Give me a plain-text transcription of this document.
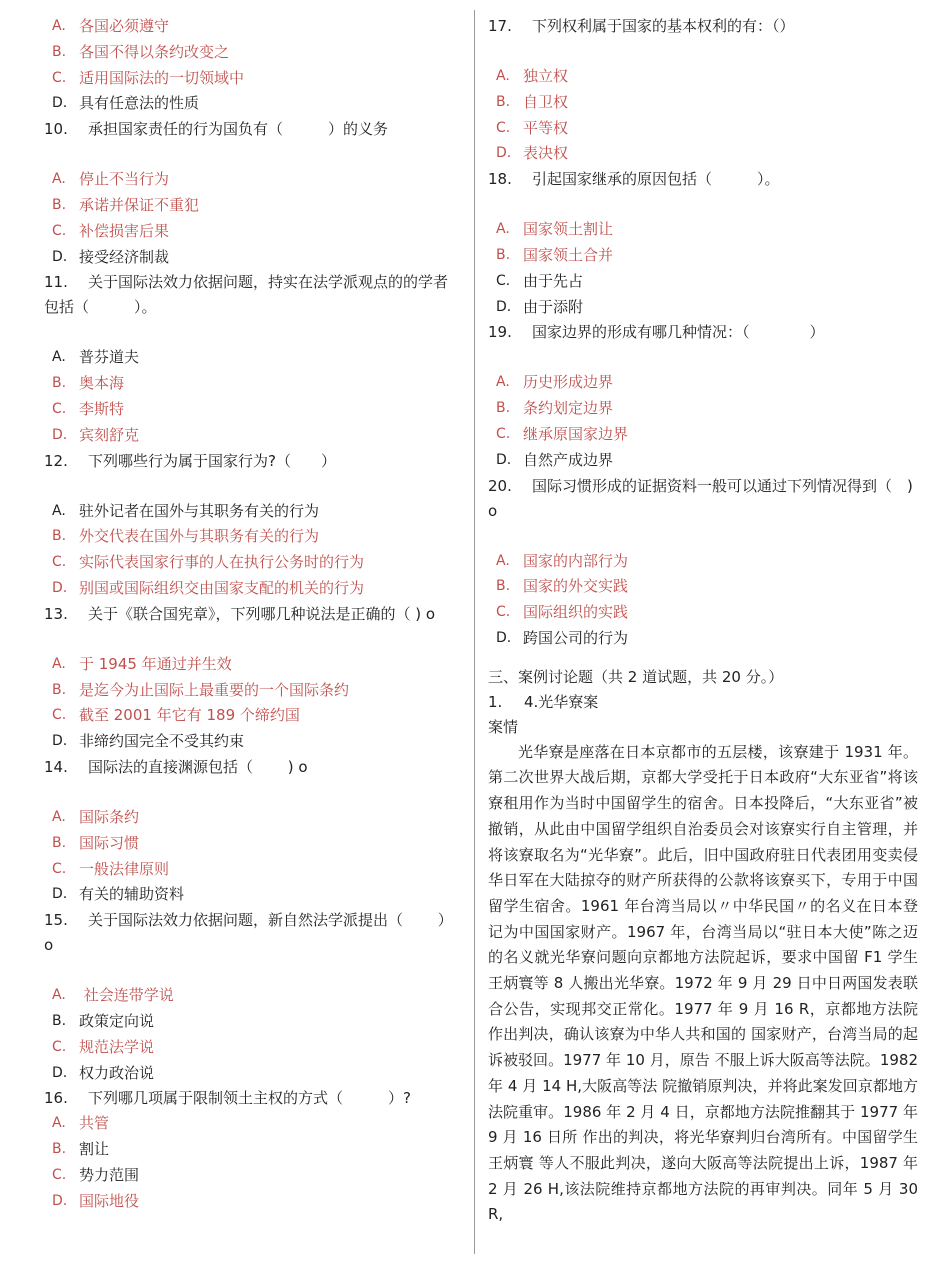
A. 各国必须遵守
B. 各国不得以条约改变之
C. 适用国际法的一切领域中
D. 具有任意法的性质
10. 承担国家责任的行为国负有（　　　）的义务
A. 停止不当行为
B. 承诺并保证不重犯
C. 补偿损害后果
D. 接受经济制裁
11. 关于国际法效力依据问题，持实在法学派观点的的学者包括（　　　）。
A. 普芬道夫
B. 奥本海
C. 李斯特
D. 宾刻舒克
12. 下列哪些行为属于国家行为?（　　）
A. 驻外记者在国外与其职务有关的行为
B. 外交代表在国外与其职务有关的行为
C. 实际代表国家行事的人在执行公务时的行为
D. 别国或国际组织交由国家支配的机关的行为
13. 关于《联合国宪章》，下列哪几种说法是正确的（ ) o
A. 于 1945 年通过并生效
B. 是迄今为止国际上最重要的一个国际条约
C. 截至 2001 年它有 189 个缔约国
D. 非缔约国完全不受其约束
14. 国际法的直接渊源包括（　　 ) o
A. 国际条约
B. 国际习惯
C. 一般法律原则
D. 有关的辅助资料
15. 关于国际法效力依据问题，新自然法学派提出（　　 ）o
A. 社会连带学说
B. 政策定向说
C. 规范法学说
D. 权力政治说
16. 下列哪几项属于限制领土主权的方式（　　　）?
A. 共管
B. 割让
C. 势力范围
D. 国际地役
17. 下列权利属于国家的基本权利的有：（）
A. 独立权
B. 自卫权
C. 平等权
D. 表决权
18. 引起国家继承的原因包括（　　　）。
A. 国家领土割让
B. 国家领土合并
C. 由于先占
D. 由于添附
19. 国家边界的形成有哪几种情况：（　　　　）
A. 历史形成边界
B. 条约划定边界
C. 继承原国家边界
D. 自然产成边界
20. 国际习惯形成的证据资料一般可以通过下列情况得到（　) o
A. 国家的内部行为
B. 国家的外交实践
C. 国际组织的实践
D. 跨国公司的行为
三、案例讨论题（共 2 道试题，共 20 分。）
1. 4.光华寮案
案情

光华寮是座落在日本京都市的五层楼，该寮建于 1931 年。第二次世界大战后期，京都大学受托于日本政府“大东亚省”将该寮租用作为当时中国留学生的宿舍。日本投降后，“大东亚省”被撤销，从此由中国留学组织自治委员会对该寮实行自主管理，并将该寮取名为“光华寮”。此后，旧中国政府驻日代表团用变卖侵华日军在大陆掠夺的财产所获得的公款将该寮买下，专用于中国留学生宿舍。1961 年台湾当局以〃中华民国〃的名义在日本登记为中国国家财产。1967 年，台湾当局以“驻日本大使”陈之迈的名义就光华寮问题向京都地方法院起诉，要求中国留 F1 学生王炳寰等 8 人搬出光华寮。1972 年 9 月 29 日中日两国发表联合公告，实现邦交正常化。1977 年 9 月 16 R，京都地方法院作出判决，确认该寮为中华人共和国的 国家财产，台湾当局的起诉被驳回。1977 年 10 月，原告 不服上诉大阪高等法院。1982 年 4 月 14 H,大阪高等法 院撤销原判决，并将此案发回京都地方法院重审。1986 年 2 月 4 日，京都地方法院推翻其于 1977 年 9 月 16 日所 作出的判决，将光华寮判归台湾所有。中国留学生王炳寰 等人不服此判决，遂向大阪高等法院提出上诉，1987 年 2 月 26 H,该法院维持京都地方法院的再审判决。同年 5 月 30 R,
